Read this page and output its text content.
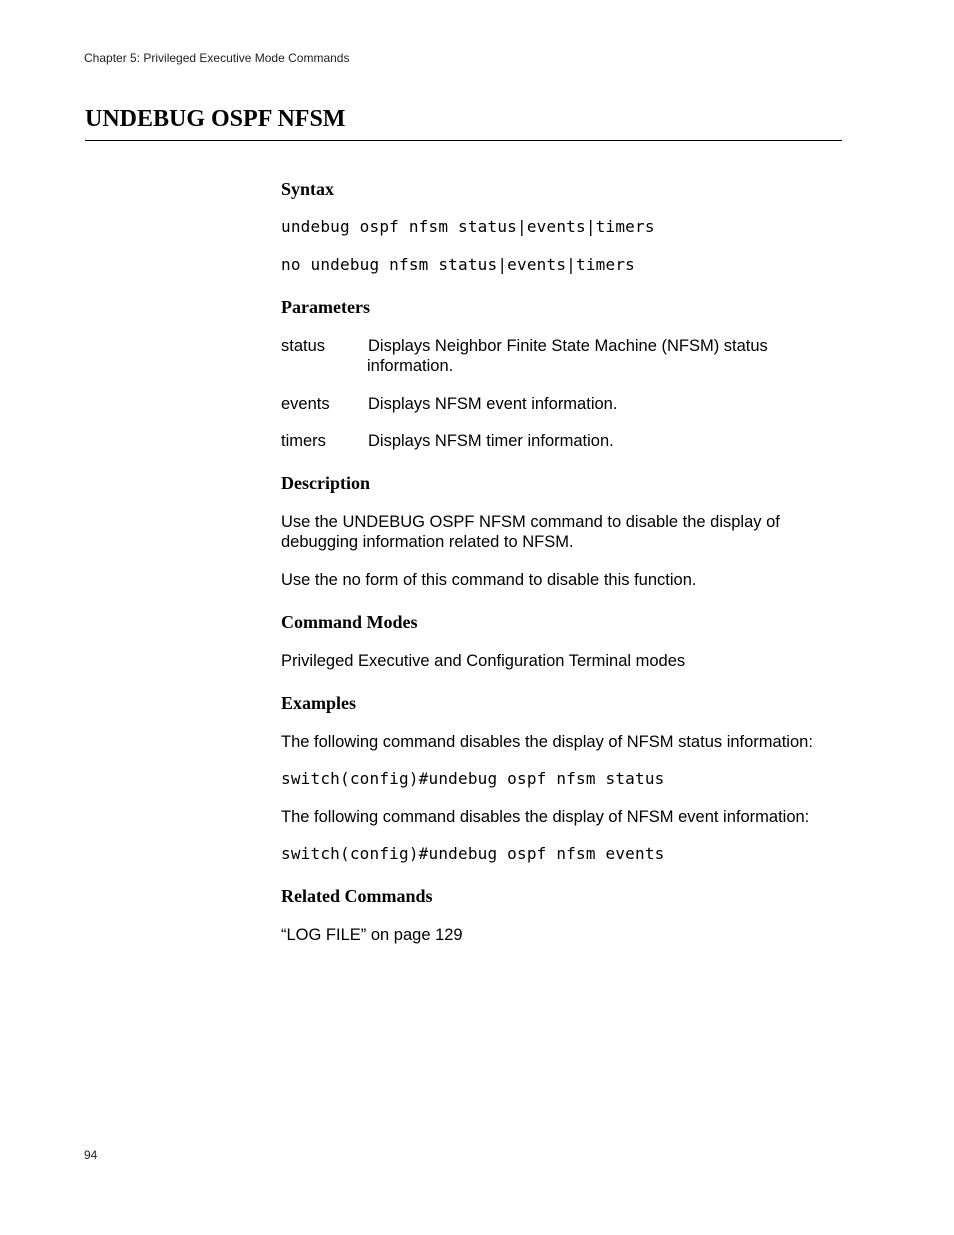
Chapter 5: Privileged Executive Mode Commands
UNDEBUG OSPF NFSM
Syntax
undebug ospf nfsm status|events|timers
no undebug nfsm status|events|timers
Parameters
status	Displays Neighbor Finite State Machine (NFSM) status information.
events Displays NFSM event information.
timers	Displays NFSM timer information.
Description
Use the UNDEBUG OSPF NFSM command to disable the display of debugging information related to NFSM.
Use the no form of this command to disable this function.
Command Modes
Privileged Executive and Configuration Terminal modes
Examples
The following command disables the display of NFSM status information:
switch(config)#undebug ospf nfsm status
The following command disables the display of NFSM event information:
switch(config)#undebug ospf nfsm events
Related Commands
“LOG FILE” on page 129
94
